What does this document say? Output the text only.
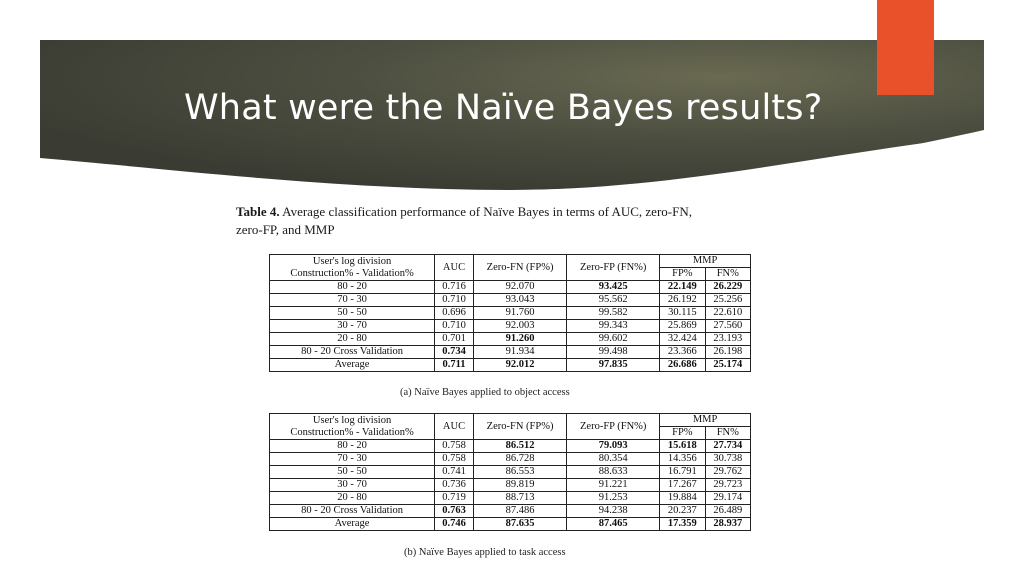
What were the Naïve Bayes results?
Table 4. Average classification performance of Naïve Bayes in terms of AUC, zero-FN,
zero-FP, and MMP
User's log division
Construction% - Validation%	AUC	Zero-FN (FP%)	Zero-FP (FN%)	MMP	
				FP%	FN%
80 - 20	0.716	92.070	93.425	22.149	26.229
70 - 30	0.710	93.043	95.562	26.192	25.256
50 - 50	0.696	91.760	99.582	30.115	22.610
30 - 70	0.710	92.003	99.343	25.869	27.560
20 - 80	0.701	91.260	99.602	32.424	23.193
80 - 20 Cross Validation	0.734	91.934	99.498	23.366	26.198
Average	0.711	92.012	97.835	26.686	25.174
(a) Naïve Bayes applied to object access
User's log division
Construction% - Validation%	AUC	Zero-FN (FP%)	Zero-FP (FN%)	MMP	
				FP%	FN%
80 - 20	0.758	86.512	79.093	15.618	27.734
70 - 30	0.758	86.728	80.354	14.356	30.738
50 - 50	0.741	86.553	88.633	16.791	29.762
30 - 70	0.736	89.819	91.221	17.267	29.723
20 - 80	0.719	88.713	91.253	19.884	29.174
80 - 20 Cross Validation	0.763	87.486	94.238	20.237	26.489
Average	0.746	87.635	87.465	17.359	28.937
(b) Naïve Bayes applied to task access
